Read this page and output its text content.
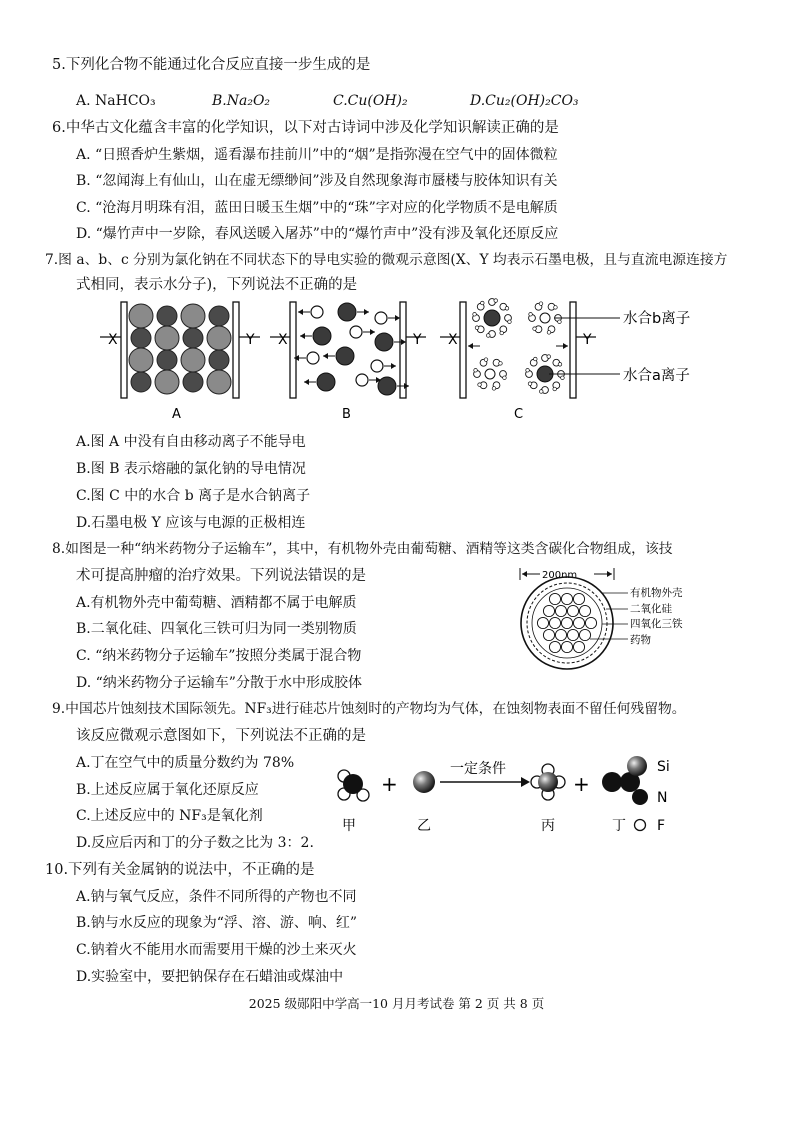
5.下列化合物不能通过化合反应直接一步生成的是
A. NaHCO₃	B.Na₂O₂	C.Cu(OH)₂	D.Cu₂(OH)₂CO₃
6.中华古文化蕴含丰富的化学知识，以下对古诗词中涉及化学知识解读正确的是
A. “日照香炉生紫烟，遥看瀑布挂前川”中的“烟”是指弥漫在空气中的固体微粒
B. “忽闻海上有仙山，山在虚无缥缈间”涉及自然现象海市蜃楼与胶体知识有关
C. “沧海月明珠有泪，蓝田日暖玉生烟”中的“珠”字对应的化学物质不是电解质
D. “爆竹声中一岁除，春风送暖入屠苏”中的“爆竹声中”没有涉及氧化还原反应
7.图 a、b、c 分别为氯化钠在不同状态下的导电实验的微观示意图(X、Y 均表示石墨电极，且与直流电源连接方
式相同，表示水分子)，下列说法不正确的是
X	Y
A
X	Y
B
X	Y
水合b离子
水合a离子
C
A.图 A 中没有自由移动离子不能导电
B.图 B 表示熔融的氯化钠的导电情况
C.图 C 中的水合 b 离子是水合钠离子
D.石墨电极 Y 应该与电源的正极相连
8.如图是一种“纳米药物分子运输车”，其中，有机物外壳由葡萄糖、酒精等这类含碳化合物组成，该技
术可提高肿瘤的治疗效果。下列说法错误的是
A.有机物外壳中葡萄糖、酒精都不属于电解质
B.二氧化硅、四氧化三铁可归为同一类别物质
C. “纳米药物分子运输车”按照分类属于混合物
D. “纳米药物分子运输车”分散于水中形成胶体
200nm
有机物外壳
二氧化硅
四氧化三铁
药物
9.中国芯片蚀刻技术国际领先。NF₃进行硅芯片蚀刻时的产物均为气体，在蚀刻物表面不留任何残留物。
该反应微观示意图如下，下列说法不正确的是
A.丁在空气中的质量分数约为 78%
B.上述反应属于氧化还原反应
C.上述反应中的 NF₃是氧化剂
D.反应后丙和丁的分子数之比为 3：2.
+
一定条件
+
Si
N
F
甲	乙	丙	丁
10.下列有关金属钠的说法中，不正确的是
A.钠与氧气反应，条件不同所得的产物也不同
B.钠与水反应的现象为“浮、溶、游、响、红”
C.钠着火不能用水而需要用干燥的沙土来灭火
D.实验室中，要把钠保存在石蜡油或煤油中
2025 级郧阳中学高一10 月月考试卷 第 2 页 共 8 页
